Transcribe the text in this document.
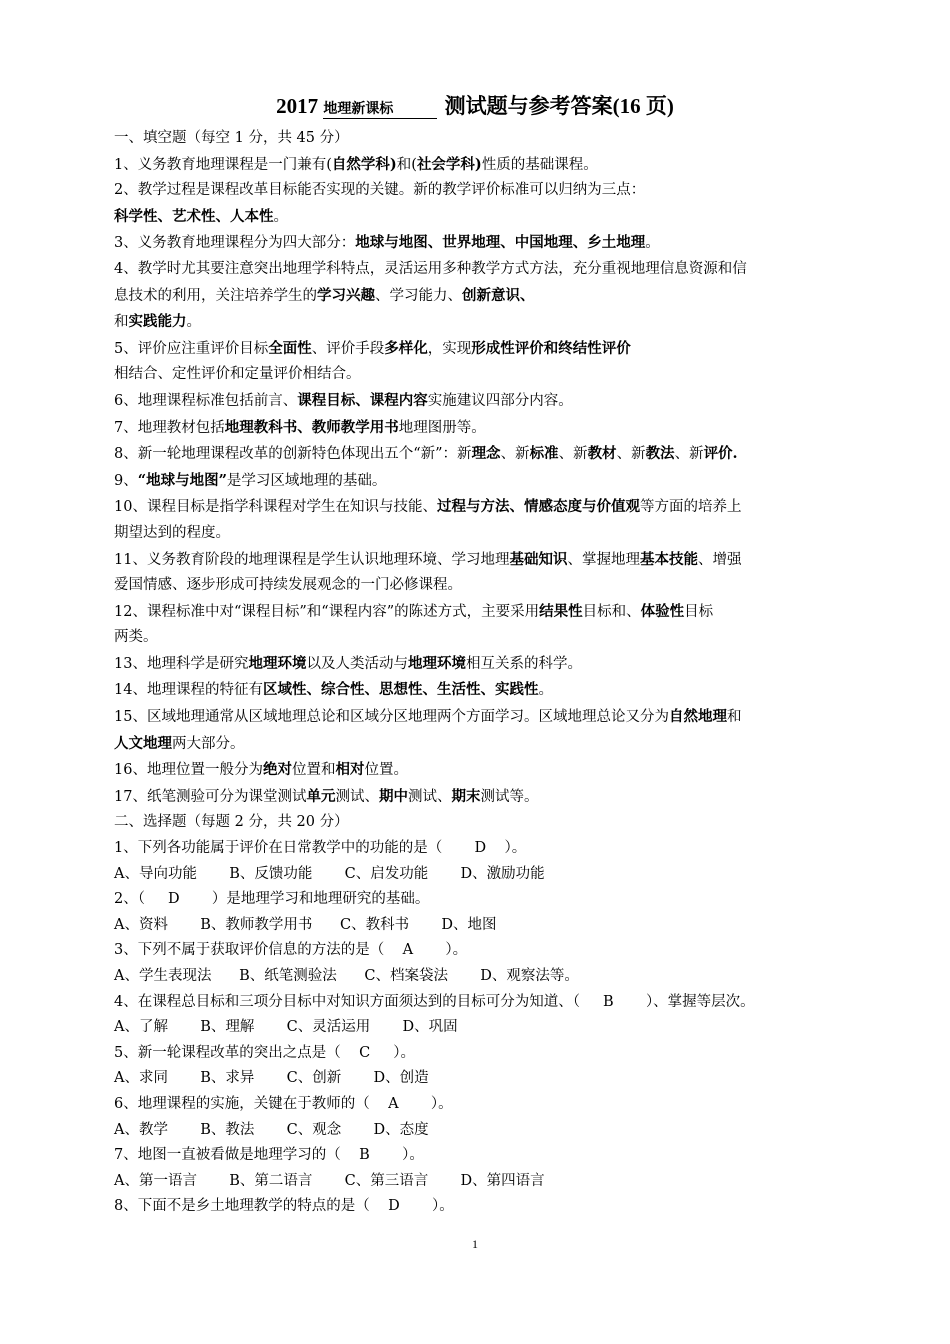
2017 地理新课标 测试题与参考答案(16 页)
一、填空题（每空 1 分，共 45 分）
1、义务教育地理课程是一门兼有(自然学科)和(社会学科)性质的基础课程。
2、教学过程是课程改革目标能否实现的关键。新的教学评价标准可以归纳为三点：
科学性、艺术性、人本性。
3、义务教育地理课程分为四大部分：地球与地图、世界地理、中国地理、乡土地理。
4、教学时尤其要注意突出地理学科特点，灵活运用多种教学方式方法，充分重视地理信息资源和信
息技术的利用，关注培养学生的学习兴趣、学习能力、创新意识、
和实践能力。
5、评价应注重评价目标全面性、评价手段多样化，实现形成性评价和终结性评价
相结合、定性评价和定量评价相结合。
6、地理课程标准包括前言、课程目标、课程内容实施建议四部分内容。
7、地理教材包括地理教科书、教师教学用书地理图册等。
8、新一轮地理课程改革的创新特色体现出五个“新”：新理念、新标准、新教材、新教法、新评价.
9、“地球与地图”是学习区域地理的基础。
10、课程目标是指学科课程对学生在知识与技能、过程与方法、情感态度与价值观等方面的培养上
期望达到的程度。
11、义务教育阶段的地理课程是学生认识地理环境、学习地理基础知识、掌握地理基本技能、增强
爱国情感、逐步形成可持续发展观念的一门必修课程。
12、课程标准中对“课程目标”和“课程内容”的陈述方式，主要采用结果性目标和、体验性目标
两类。
13、地理科学是研究地理环境以及人类活动与地理环境相互关系的科学。
14、地理课程的特征有区域性、综合性、思想性、生活性、实践性。
15、区域地理通常从区域地理总论和区域分区地理两个方面学习。区域地理总论又分为自然地理和
人文地理两大部分。
16、地理位置一般分为绝对位置和相对位置。
17、纸笔测验可分为课堂测试单元测试、期中测试、期末测试等。
二、选择题（每题 2 分，共 20 分）
1、下列各功能属于评价在日常教学中的功能的是（       D    ）。
A、导向功能       B、反馈功能       C、启发功能       D、激励功能
2、（     D       ）是地理学习和地理研究的基础。
A、资料       B、教师教学用书      C、教科书       D、地图
3、下列不属于获取评价信息的方法的是（    A       ）。
A、学生表现法      B、纸笔测验法      C、档案袋法       D、观察法等。
4、在课程总目标和三项分目标中对知识方面须达到的目标可分为知道、（     B       ）、掌握等层次。
A、了解       B、理解       C、灵活运用       D、巩固
5、新一轮课程改革的突出之点是（    C     ）。
A、求同       B、求异       C、创新       D、创造
6、地理课程的实施，关键在于教师的（    A       ）。
A、教学       B、教法       C、观念       D、态度
7、地图一直被看做是地理学习的（    B       ）。
A、第一语言       B、第二语言       C、第三语言       D、第四语言
8、下面不是乡土地理教学的特点的是（    D       ）。
1
